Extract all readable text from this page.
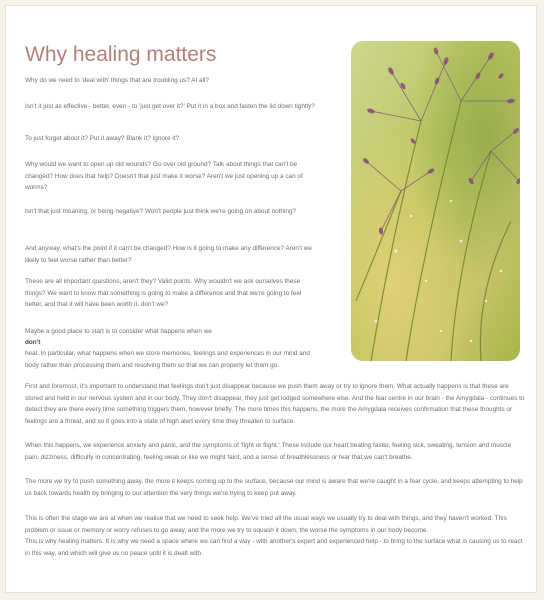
Why healing matters

Why do we need to 'deal with' things that are troubling us? At all?

Isn't it just as effective - better, even - to 'just get over it?' Put it in a box and fasten the lid down tightly?

To just forget about it? Put it away? Blank it? Ignore it?

Why would we want to open up old wounds? Go over old ground? Talk about things that can't be changed? How does that help? Doesn't that just make it worse? Aren't we just opening up a can of worms?

Isn't that just moaning, or being negative? Won't people just think we're going on about nothing?

And anyway, what's the point if it can't be changed? How is it going to make any difference? Aren't we likely to feel worse rather than better?

These are all important questions, aren't they? Valid points. Why wouldn't we ask ourselves these things? We want to know that something is going to make a difference and that we're going to feel better, and that it will have been worth it, don't we?

Maybe a good place to start is to consider what happens when we

don't

heal. In particular, what happens when we store memories, feelings and experiences in our mind and body rather than processing them and resolving them so that we can properly let them go.

First and foremost, it's important to understand that feelings don't just disappear because we push them away or try to ignore them. What actually happens is that these are stored and held in our nervous system and in our body. They don't disappear, they just get lodged somewhere else. And the fear centre in our brain - the Amygdala - continues to detect they are there every time something triggers them, however briefly. The more times this happens, the more the Amygdala receives confirmation that these thoughts or feelings are a threat, and so it goes into a state of high alert every time they threaten to surface.

When this happens, we experience anxiety and panic, and the symptoms of 'fight or flight.' These include our heart beating faster, feeling sick, sweating, tension and muscle pain, dizziness, difficulty in concentrating, feeling weak or like we might faint, and a sense of breathlessness or fear that we can't breathe.

The more we try to push something away, the more it keeps coming up to the surface, because our mind is aware that we're caught in a fear cycle, and keeps attempting to help us back towards health by bringing to our attention the very things we're trying to keep put away.

This is often the stage we are at when we realise that we need to seek help. We've tried all the usual ways we usually try to deal with things, and they haven't worked. This problem or issue or memory or worry refuses to go away, and the more we try to squash it down, the worse the symptoms in our body become.

This is why healing matters. It is why we need a space where we can find a way - with another's expert and experienced help - to bring to the surface what is causing us to react in this way, and which will give us no peace until it is dealt with.
